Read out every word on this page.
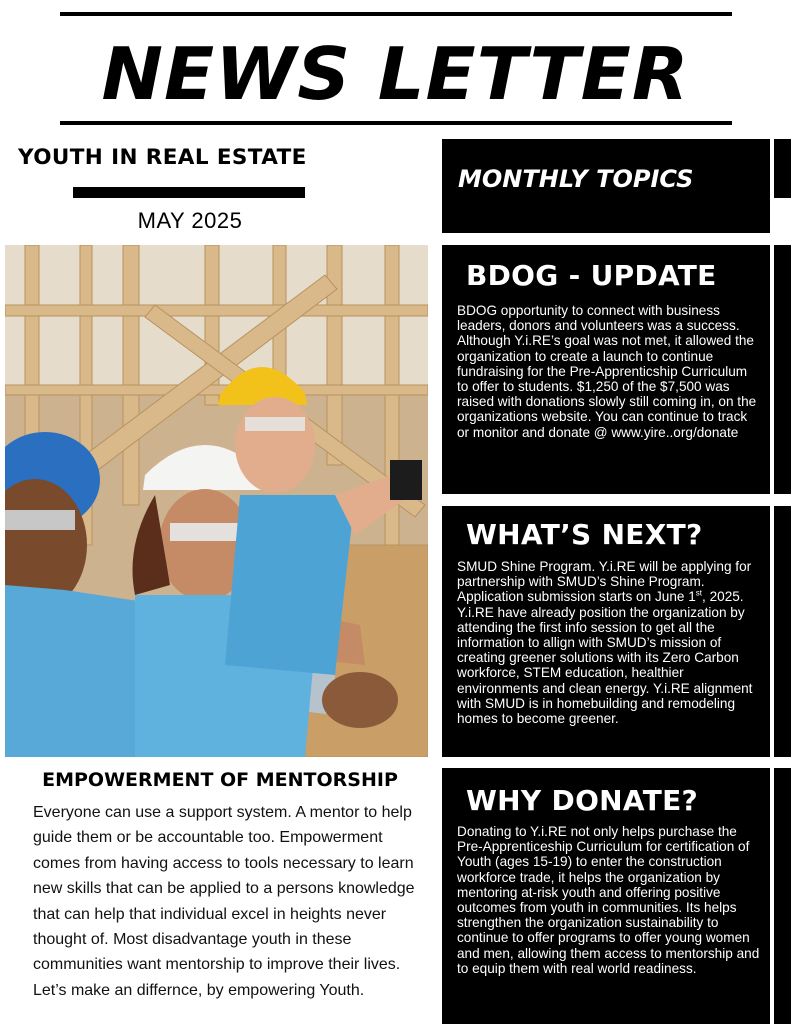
NEWS LETTER
YOUTH IN REAL ESTATE
MAY 2025
EMPOWERMENT OF MENTORSHIP

Everyone can use a support system. A mentor to help guide them or be accountable too. Empowerment comes from having access to tools necessary to learn new skills that can be applied to a persons knowledge that can help that individual excel in heights never thought of. Most disadvantage youth in these communities want mentorship to improve their lives. Let’s make an differnce, by empowering Youth.

MONTHLY TOPICS
BDOG - UPDATE

BDOG opportunity to connect with business leaders, donors and volunteers was a success. Although Y.i.RE’s goal was not met, it allowed the organization to create a launch to continue fundraising for the Pre-Apprenticship Curriculum to offer to students. $1,250 of the $7,500 was raised with donations slowly still coming in, on the organizations website. You can continue to track or monitor and donate @ www.yire..org/donate

WHAT’S NEXT?

SMUD Shine Program. Y.i.RE will be applying for partnership with SMUD’s Shine Program. Application submission starts on June 1st, 2025. Y.i.RE have already position the organization by attending the first info session to get all the information to allign with SMUD’s mission of creating greener solutions with its Zero Carbon workforce, STEM education, healthier environments and clean energy. Y.i.RE alignment with SMUD is in homebuilding and remodeling homes to become greener.

WHY DONATE?

Donating to Y.i.RE not only helps purchase the Pre-Apprenticeship Curriculum for certification of Youth (ages 15-19) to enter the construction workforce trade, it helps the organization by mentoring at-risk youth and offering positive outcomes from youth in communities. Its helps strengthen the organization sustainability to continue to offer programs to offer young women and men, allowing them access to mentorship and to equip them with real world readiness.
